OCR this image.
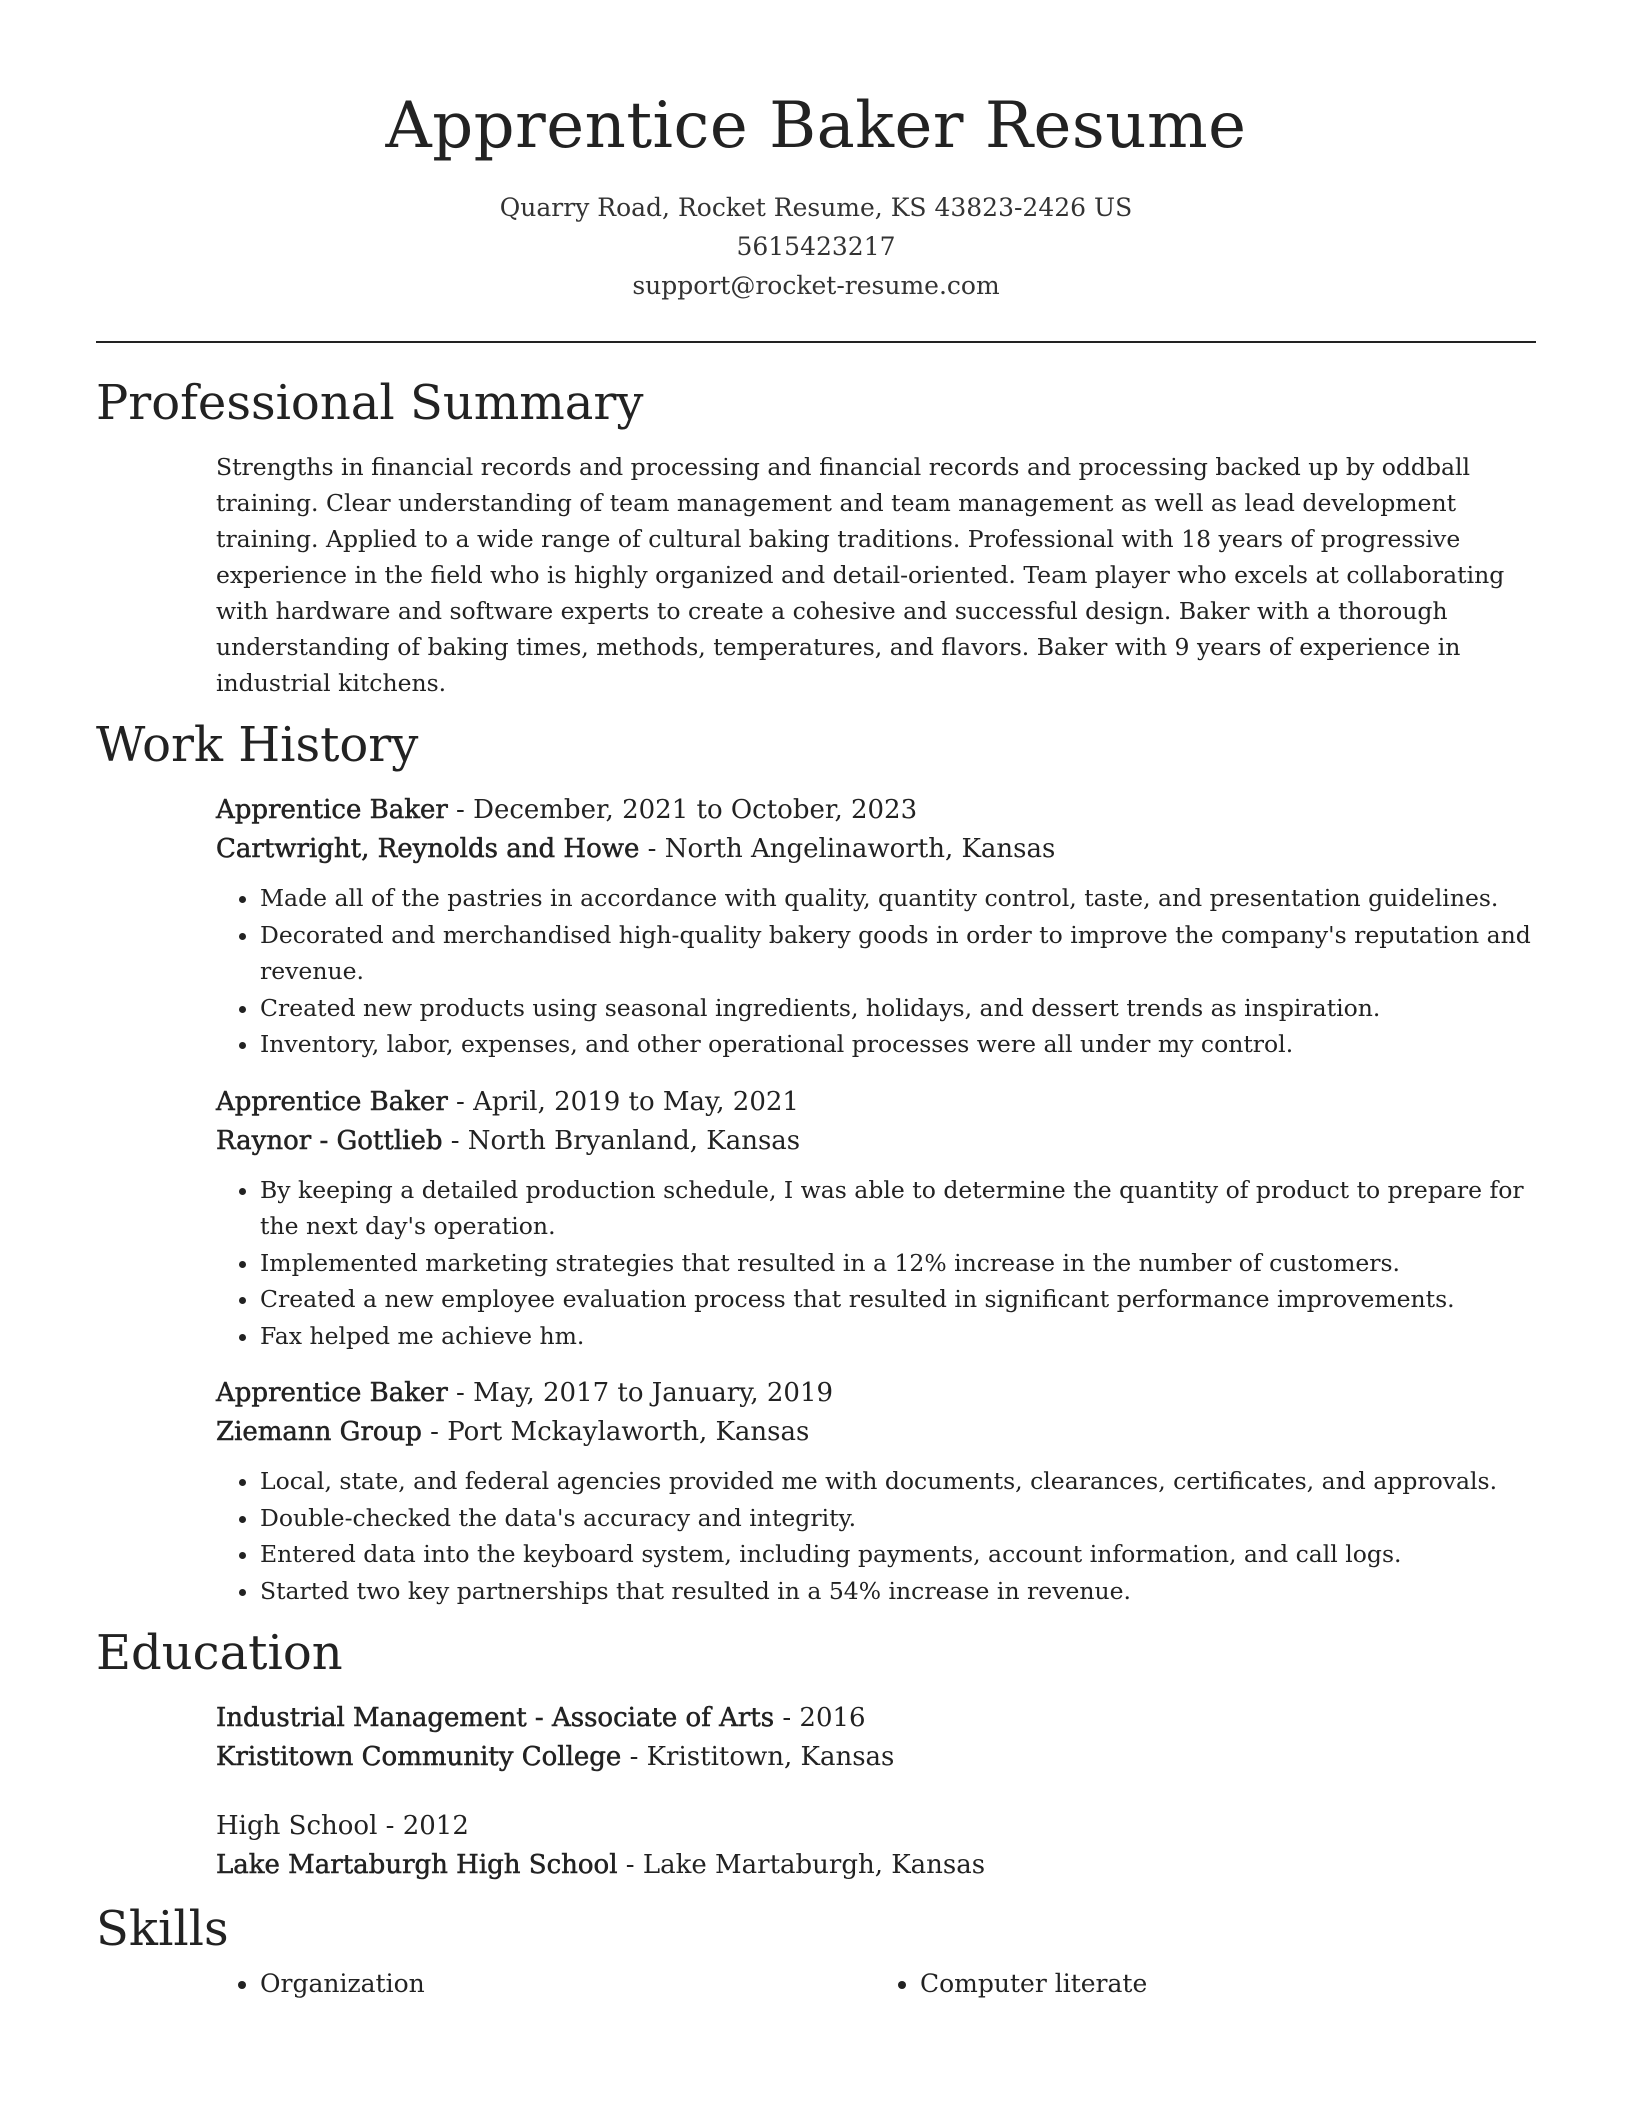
Apprentice Baker Resume
Quarry Road, Rocket Resume, KS 43823-2426 US
5615423217
support@rocket-resume.com
Professional Summary
Strengths in financial records and processing and financial records and processing backed up by oddball training. Clear understanding of team management and team management as well as lead development training. Applied to a wide range of cultural baking traditions. Professional with 18 years of progressive experience in the field who is highly organized and detail-oriented. Team player who excels at collaborating with hardware and software experts to create a cohesive and successful design. Baker with a thorough understanding of baking times, methods, temperatures, and flavors. Baker with 9 years of experience in industrial kitchens.
Work History
Apprentice Baker - December, 2021 to October, 2023
Cartwright, Reynolds and Howe - North Angelinaworth, Kansas
• Made all of the pastries in accordance with quality, quantity control, taste, and presentation guidelines.
• Decorated and merchandised high-quality bakery goods in order to improve the company's reputation and revenue.
• Created new products using seasonal ingredients, holidays, and dessert trends as inspiration.
• Inventory, labor, expenses, and other operational processes were all under my control.
Apprentice Baker - April, 2019 to May, 2021
Raynor - Gottlieb - North Bryanland, Kansas
• By keeping a detailed production schedule, I was able to determine the quantity of product to prepare for the next day's operation.
• Implemented marketing strategies that resulted in a 12% increase in the number of customers.
• Created a new employee evaluation process that resulted in significant performance improvements.
• Fax helped me achieve hm.
Apprentice Baker - May, 2017 to January, 2019
Ziemann Group - Port Mckaylaworth, Kansas
• Local, state, and federal agencies provided me with documents, clearances, certificates, and approvals.
• Double-checked the data's accuracy and integrity.
• Entered data into the keyboard system, including payments, account information, and call logs.
• Started two key partnerships that resulted in a 54% increase in revenue.
Education
Industrial Management - Associate of Arts - 2016
Kristitown Community College - Kristitown, Kansas
High School - 2012
Lake Martaburgh High School - Lake Martaburgh, Kansas
Skills
• Organization
•	Computer literate
